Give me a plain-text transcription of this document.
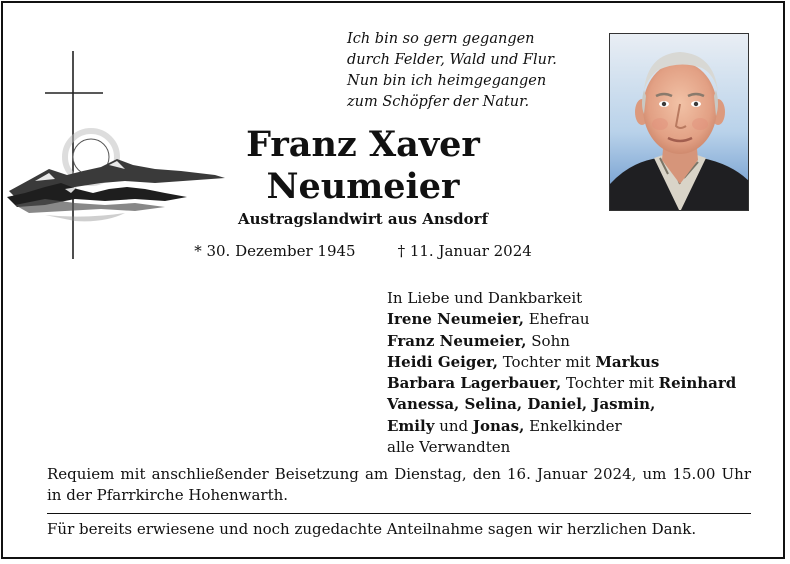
Ich bin so gern gegangen
durch Felder, Wald und Flur.
Nun bin ich heimgegangen
zum Schöpfer der Natur.
Franz Xaver
Neumeier
Austragslandwirt aus Ansdorf
* 30. Dezember 1945	† 11. Januar 2024
In Liebe und Dankbarkeit
Irene Neumeier, Ehefrau
Franz Neumeier, Sohn
Heidi Geiger, Tochter mit Markus
Barbara Lagerbauer, Tochter mit Reinhard
Vanessa, Selina, Daniel, Jasmin,
Emily und Jonas, Enkelkinder
alle Verwandten
Requiem mit anschließender Beisetzung am Dienstag, den 16. Januar 2024, um 15.00 Uhr in der Pfarrkirche Hohenwarth.
Für bereits erwiesene und noch zugedachte Anteilnahme sagen wir herzlichen Dank.
